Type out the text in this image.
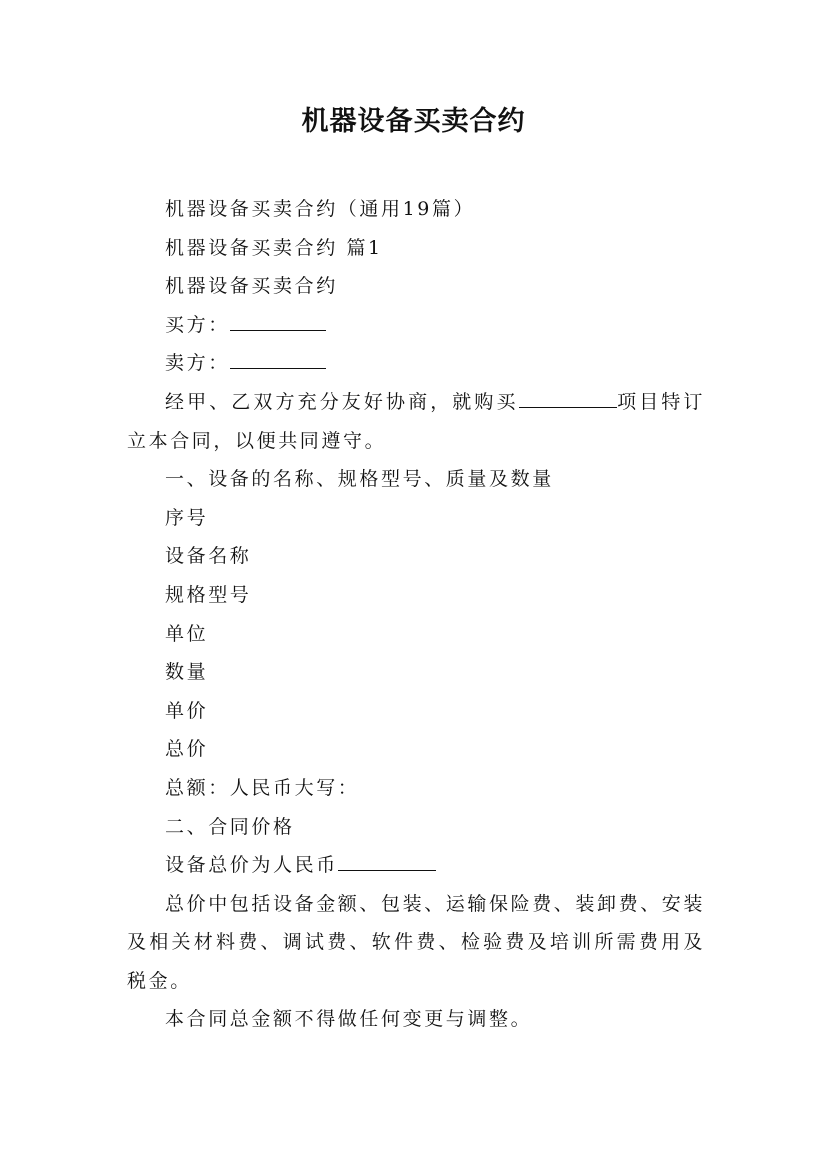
机器设备买卖合约

机器设备买卖合约（通用19篇）

机器设备买卖合约 篇1

机器设备买卖合约

买方：

卖方：

经甲、乙双方充分友好协商，就购买	项目特订立本合同，以便共同遵守。

一、设备的名称、规格型号、质量及数量

序号

设备名称

规格型号

单位

数量

单价

总价

总额：人民币大写：

二、合同价格

设备总价为人民币

总价中包括设备金额、包装、运输保险费、装卸费、安装及相关材料费、调试费、软件费、检验费及培训所需费用及税金。

本合同总金额不得做任何变更与调整。
